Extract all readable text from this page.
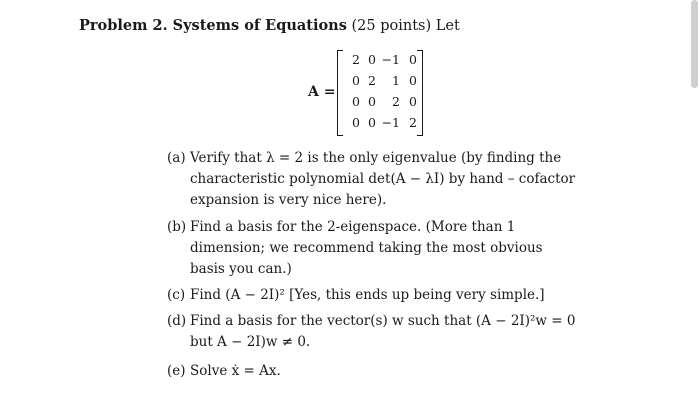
Problem 2. Systems of Equations (25 points) Let
A =
2 0 −1 0
0 2	1 0
0 0	2 0
0 0 −1 2
(a) Verify that λ = 2 is the only eigenvalue (by finding the characteristic polynomial det(A − λI) by hand – cofactor expansion is very nice here).
(b) Find a basis for the 2-eigenspace. (More than 1 dimension; we recommend taking the most obvious basis you can.)
(c) Find (A − 2I)² [Yes, this ends up being very simple.]
(d) Find a basis for the vector(s) w such that (A − 2I)²w = 0 but A − 2I)w ≠ 0.
(e) Solve ẋ = Ax.
